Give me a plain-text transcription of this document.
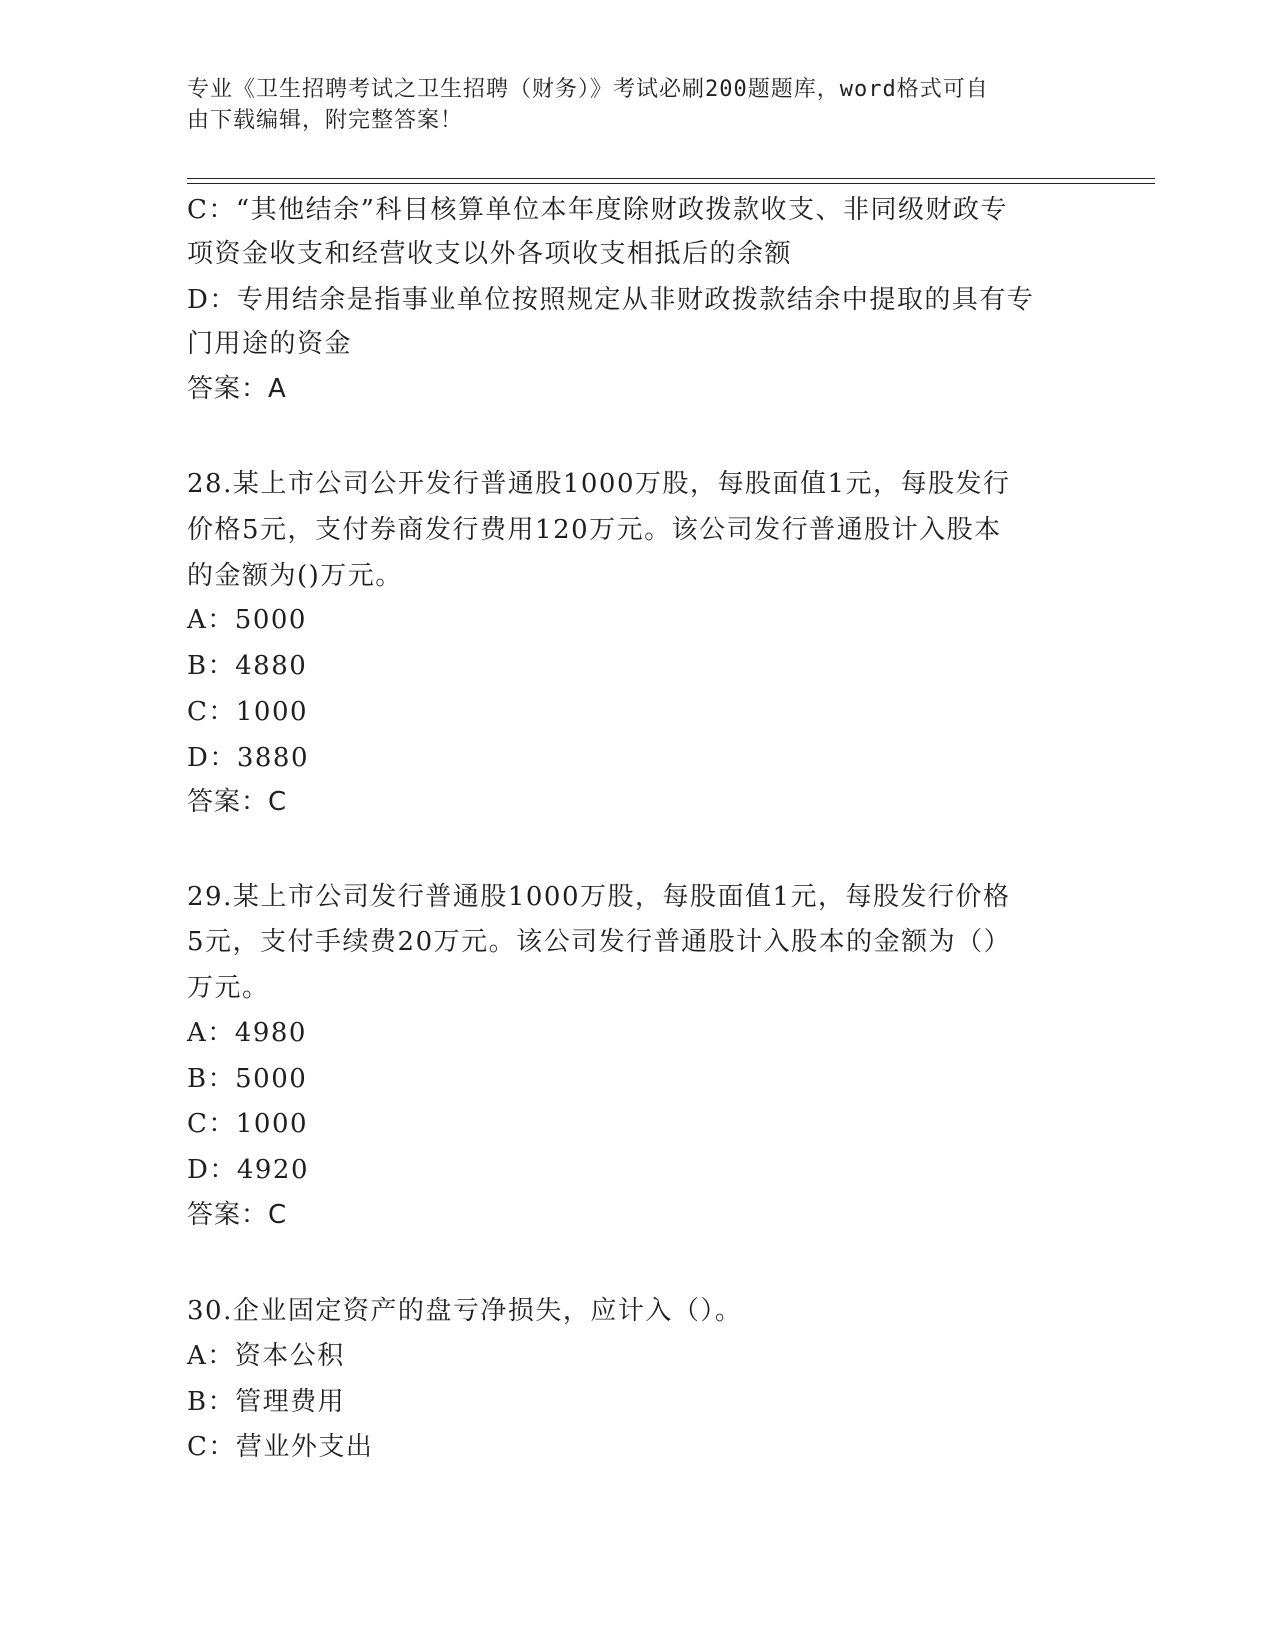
专业《卫生招聘考试之卫生招聘（财务）》考试必刷200题题库，word格式可自
由下载编辑，附完整答案！
C：“其他结余”科目核算单位本年度除财政拨款收支、非同级财政专
项资金收支和经营收支以外各项收支相抵后的余额
D：专用结余是指事业单位按照规定从非财政拨款结余中提取的具有专
门用途的资金
答案：A
28.某上市公司公开发行普通股1000万股，每股面值1元，每股发行
价格5元，支付券商发行费用120万元。该公司发行普通股计入股本
的金额为()万元。
A：5000
B：4880
C：1000
D：3880
答案：C
29.某上市公司发行普通股1000万股，每股面值1元，每股发行价格
5元，支付手续费20万元。该公司发行普通股计入股本的金额为（）
万元。
A：4980
B：5000
C：1000
D：4920
答案：C
30.企业固定资产的盘亏净损失，应计入（）。
A：资本公积
B：管理费用
C：营业外支出
